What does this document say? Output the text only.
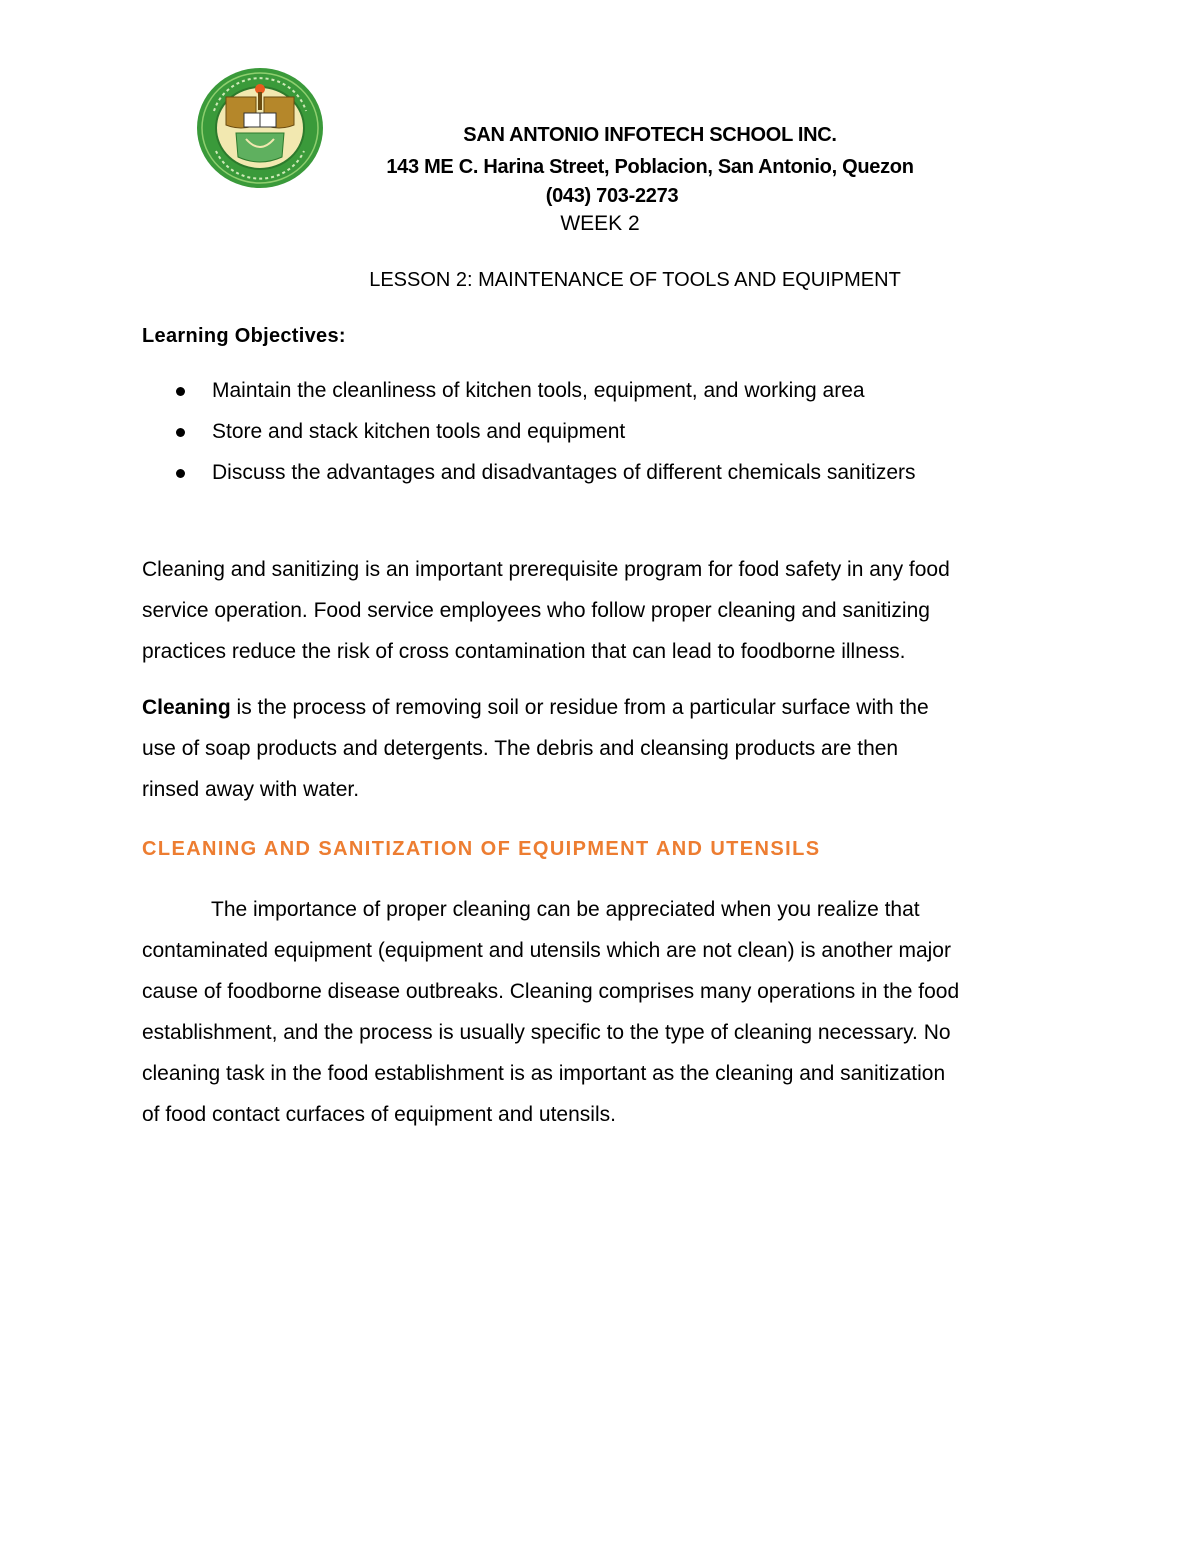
SAN ANTONIO INFOTECH SCHOOL INC.
143 ME C. Harina Street, Poblacion, San Antonio, Quezon
(043) 703-2273
WEEK 2
LESSON 2: MAINTENANCE OF TOOLS AND EQUIPMENT
Learning Objectives:
Maintain the cleanliness of kitchen tools, equipment, and working area
Store and stack kitchen tools and equipment
Discuss the advantages and disadvantages of different chemicals sanitizers
Cleaning and sanitizing is an important prerequisite program for food safety in any food
service operation. Food service employees who follow proper cleaning and sanitizing
practices reduce the risk of cross contamination that can lead to foodborne illness.
Cleaning is the process of removing soil or residue from a particular surface with the
use of soap products and detergents. The debris and cleansing products are then
rinsed away with water.
CLEANING AND SANITIZATION OF EQUIPMENT AND UTENSILS
The importance of proper cleaning can be appreciated when you realize that
contaminated equipment (equipment and utensils which are not clean) is another major
cause of foodborne disease outbreaks. Cleaning comprises many operations in the food
establishment, and the process is usually specific to the type of cleaning necessary. No
cleaning task in the food establishment is as important as the cleaning and sanitization
of food contact curfaces of equipment and utensils.
